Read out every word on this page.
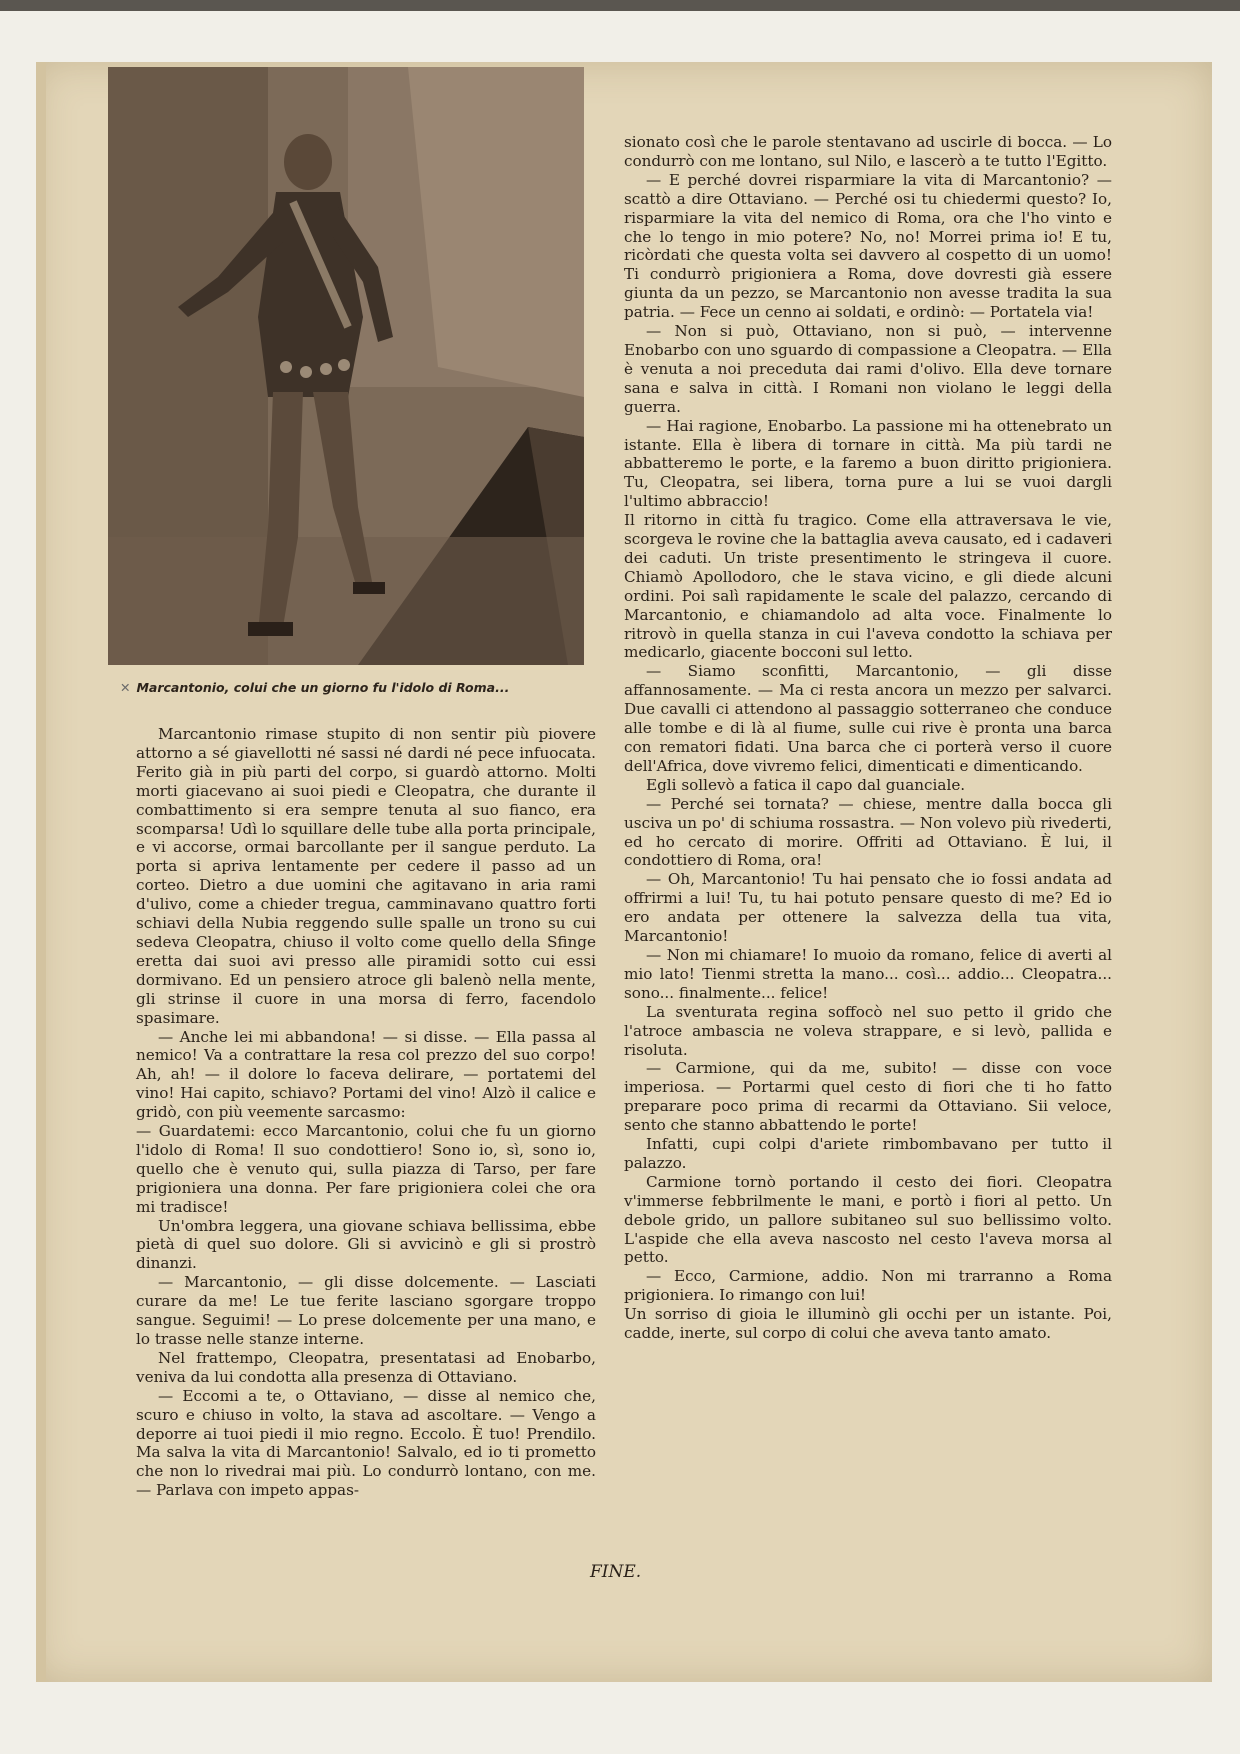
✕ Marcantonio, colui che un giorno fu l'idolo di Roma...

Marcantonio rimase stupito di non sentir più piovere attorno a sé giavellotti né sassi né dardi né pece infuocata. Ferito già in più parti del corpo, si guardò attorno. Molti morti giacevano ai suoi piedi e Cleopatra, che durante il combattimento si era sempre tenuta al suo fianco, era scomparsa! Udì lo squillare delle tube alla porta principale, e vi accorse, ormai barcollante per il sangue perduto. La porta si apriva lentamente per cedere il passo ad un corteo. Dietro a due uomini che agitavano in aria rami d'ulivo, come a chieder tregua, camminavano quattro forti schiavi della Nubia reggendo sulle spalle un trono su cui sedeva Cleopatra, chiuso il volto come quello della Sfinge eretta dai suoi avi presso alle piramidi sotto cui essi dormivano. Ed un pensiero atroce gli balenò nella mente, gli strinse il cuore in una morsa di ferro, facendolo spasimare.

— Anche lei mi abbandona! — si disse. — Ella passa al nemico! Va a contrattare la resa col prezzo del suo corpo! Ah, ah! — il dolore lo faceva delirare, — portatemi del vino! Hai capito, schiavo? Portami del vino! Alzò il calice e gridò, con più veemente sarcasmo:

— Guardatemi: ecco Marcantonio, colui che fu un giorno l'idolo di Roma! Il suo condottiero! Sono io, sì, sono io, quello che è venuto qui, sulla piazza di Tarso, per fare prigioniera una donna. Per fare prigioniera colei che ora mi tradisce!

Un'ombra leggera, una giovane schiava bellissima, ebbe pietà di quel suo dolore. Gli si avvicinò e gli si prostrò dinanzi.

— Marcantonio, — gli disse dolcemente. — Lasciati curare da me! Le tue ferite lasciano sgorgare troppo sangue. Seguimi! — Lo prese dolcemente per una mano, e lo trasse nelle stanze interne.

Nel frattempo, Cleopatra, presentatasi ad Enobarbo, veniva da lui condotta alla presenza di Ottaviano.

— Eccomi a te, o Ottaviano, — disse al nemico che, scuro e chiuso in volto, la stava ad ascoltare. — Vengo a deporre ai tuoi piedi il mio regno. Eccolo. È tuo! Prendilo. Ma salva la vita di Marcantonio! Salvalo, ed io ti prometto che non lo rivedrai mai più. Lo condurrò lontano, con me. — Parlava con impeto appas-

sionato così che le parole stentavano ad uscirle di bocca. — Lo condurrò con me lontano, sul Nilo, e lascerò a te tutto l'Egitto.

— E perché dovrei risparmiare la vita di Marcantonio? — scattò a dire Ottaviano. — Perché osi tu chiedermi questo? Io, risparmiare la vita del nemico di Roma, ora che l'ho vinto e che lo tengo in mio potere? No, no! Morrei prima io! E tu, ricòrdati che questa volta sei davvero al cospetto di un uomo! Ti condurrò prigioniera a Roma, dove dovresti già essere giunta da un pezzo, se Marcantonio non avesse tradita la sua patria. — Fece un cenno ai soldati, e ordinò: — Portatela via!

— Non si può, Ottaviano, non si può, — intervenne Enobarbo con uno sguardo di compassione a Cleopatra. — Ella è venuta a noi preceduta dai rami d'olivo. Ella deve tornare sana e salva in città. I Romani non violano le leggi della guerra.

— Hai ragione, Enobarbo. La passione mi ha ottenebrato un istante. Ella è libera di tornare in città. Ma più tardi ne abbatteremo le porte, e la faremo a buon diritto prigioniera. Tu, Cleopatra, sei libera, torna pure a lui se vuoi dargli l'ultimo abbraccio!

Il ritorno in città fu tragico. Come ella attraversava le vie, scorgeva le rovine che la battaglia aveva causato, ed i cadaveri dei caduti. Un triste presentimento le stringeva il cuore. Chiamò Apollodoro, che le stava vicino, e gli diede alcuni ordini. Poi salì rapidamente le scale del palazzo, cercando di Marcantonio, e chiamandolo ad alta voce. Finalmente lo ritrovò in quella stanza in cui l'aveva condotto la schiava per medicarlo, giacente bocconi sul letto.

— Siamo sconfitti, Marcantonio, — gli disse affannosamente. — Ma ci resta ancora un mezzo per salvarci. Due cavalli ci attendono al passaggio sotterraneo che conduce alle tombe e di là al fiume, sulle cui rive è pronta una barca con rematori fidati. Una barca che ci porterà verso il cuore dell'Africa, dove vivremo felici, dimenticati e dimenticando.

Egli sollevò a fatica il capo dal guanciale.

— Perché sei tornata? — chiese, mentre dalla bocca gli usciva un po' di schiuma rossastra. — Non volevo più rivederti, ed ho cercato di morire. Offriti ad Ottaviano. È lui, il condottiero di Roma, ora!

— Oh, Marcantonio! Tu hai pensato che io fossi andata ad offrirmi a lui! Tu, tu hai potuto pensare questo di me? Ed io ero andata per ottenere la salvezza della tua vita, Marcantonio!

— Non mi chiamare! Io muoio da romano, felice di averti al mio lato! Tienmi stretta la mano... così... addio... Cleopatra... sono... finalmente... felice!

La sventurata regina soffocò nel suo petto il grido che l'atroce ambascia ne voleva strappare, e si levò, pallida e risoluta.

— Carmione, qui da me, subito! — disse con voce imperiosa. — Portarmi quel cesto di fiori che ti ho fatto preparare poco prima di recarmi da Ottaviano. Sii veloce, sento che stanno abbattendo le porte!

Infatti, cupi colpi d'ariete rimbombavano per tutto il palazzo.

Carmione tornò portando il cesto dei fiori. Cleopatra v'immerse febbrilmente le mani, e portò i fiori al petto. Un debole grido, un pallore subitaneo sul suo bellissimo volto. L'aspide che ella aveva nascosto nel cesto l'aveva morsa al petto.

— Ecco, Carmione, addio. Non mi trarranno a Roma prigioniera. Io rimango con lui!

Un sorriso di gioia le illuminò gli occhi per un istante. Poi, cadde, inerte, sul corpo di colui che aveva tanto amato.

FINE.
